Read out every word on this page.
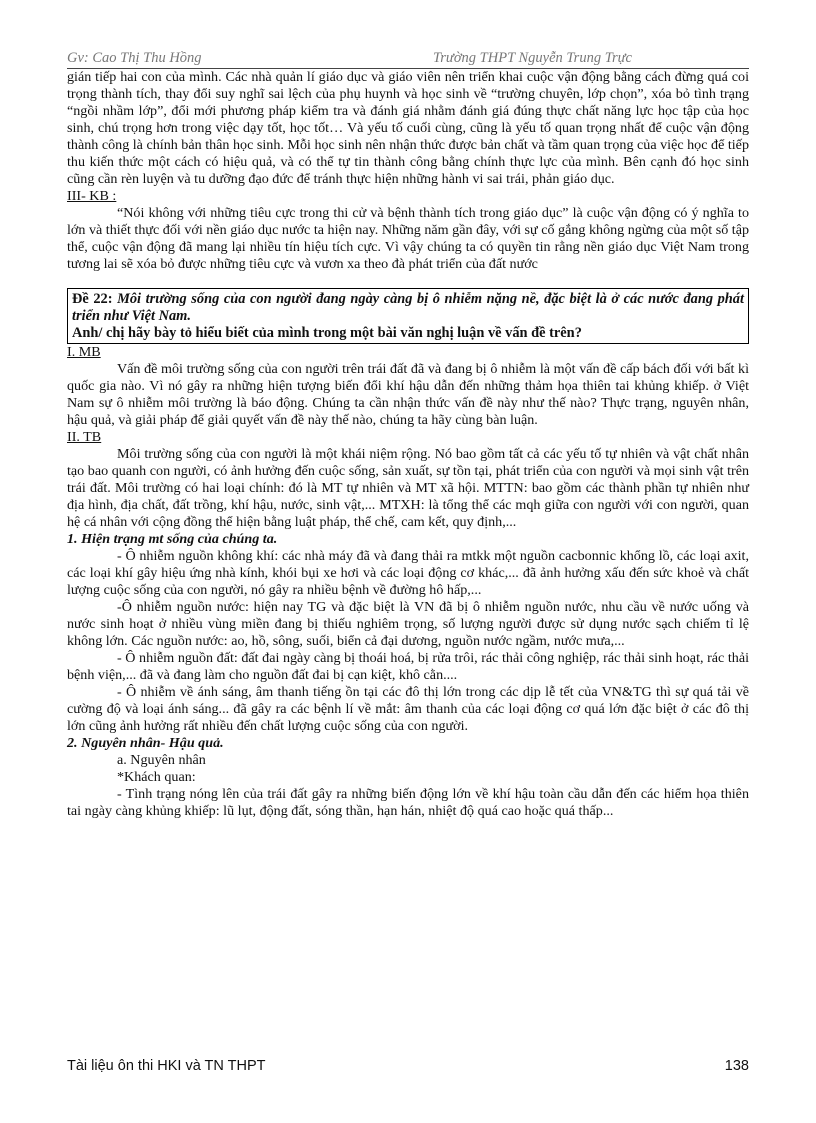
Gv: Cao Thị Thu Hồng	Trường THPT Nguyễn Trung Trực

gián tiếp hai con của mình. Các nhà quản lí giáo dục và giáo viên nên triển khai cuộc vận động bằng cách đừng quá coi trọng thành tích, thay đổi suy nghĩ sai lệch của phụ huynh và học sinh về “trường chuyên, lớp chọn”, xóa bỏ tình trạng “ngồi nhầm lớp”, đổi mới phương pháp kiểm tra và đánh giá nhằm đánh giá đúng thực chất năng lực học tập của học sinh, chú trọng hơn trong việc dạy tốt, học tốt… Và yếu tố cuối cùng, cũng là yếu tố quan trọng nhất để cuộc vận động thành công là chính bản thân học sinh. Mỗi học sinh nên nhận thức được bản chất và tầm quan trọng của việc học để tiếp thu kiến thức một cách có hiệu quả, và có thể tự tin thành công bằng chính thực lực của mình. Bên cạnh đó học sinh cũng cần rèn luyện và tu dưỡng đạo đức để tránh thực hiện những hành vi sai trái, phản giáo dục.

III- KB :

“Nói không với những tiêu cực trong thi cử và bệnh thành tích trong giáo dục” là cuộc vận động có ý nghĩa to lớn và thiết thực đối với nền giáo dục nước ta hiện nay. Những năm gần đây, với sự cố gắng không ngừng của một số tập thể, cuộc vận động đã mang lại nhiều tín hiệu tích cực. Vì vậy chúng ta có quyền tin rằng nền giáo dục Việt Nam trong tương lai sẽ xóa bỏ được những tiêu cực và vươn xa theo đà phát triển của đất nước

Đề 22: Môi trường sống của con người đang ngày càng bị ô nhiễm nặng nề, đặc biệt là ở các nước đang phát triển như Việt Nam.
Anh/ chị hãy bày tỏ hiểu biết của mình trong một bài văn nghị luận về vấn đề trên?

I. MB

Vấn đề môi trường sống của con người trên trái đất đã và đang bị ô nhiễm là một vấn đề cấp bách đối với bất kì quốc gia nào. Vì nó gây ra những hiện tượng biến đổi khí hậu dẫn đến những thảm họa thiên tai khủng khiếp. ở Việt Nam sự ô nhiễm môi trường là báo động. Chúng ta cần nhận thức vấn đề này như thế nào? Thực trạng, nguyên nhân, hậu quả, và giải pháp để giải quyết vấn đề này thế nào, chúng ta hãy cùng bàn luận.

II. TB

Môi trường sống của con người là một khái niệm rộng. Nó bao gồm tất cả các yếu tố tự nhiên và vật chất nhân tạo bao quanh con người, có ảnh hưởng đến cuộc sống, sản xuất, sự tồn tại, phát triển của con người và mọi sinh vật trên trái đất. Môi trường có hai loại chính: đó là MT tự nhiên và MT xã hội. MTTN: bao gồm các thành phần tự nhiên như địa hình, địa chất, đất trồng, khí hậu, nước, sinh vật,... MTXH: là tổng thể các mqh giữa con người với con người, quan hệ cá nhân với cộng đồng thể hiện bằng luật pháp, thể chế, cam kết, quy định,...

1. Hiện trạng mt sống của chúng ta.

- Ô nhiễm nguồn không khí: các nhà máy đã và đang thải ra mtkk một nguồn cacbonnic khổng lồ, các loại axit, các loại khí gây hiệu ứng nhà kính, khói bụi xe hơi và các loại động cơ khác,... đã ảnh hưởng xấu đến sức khoẻ và chất lượng cuộc sống của con người, nó gây ra nhiều bệnh về đường hô hấp,...

-Ô nhiễm nguồn nước: hiện nay TG và đặc biệt là VN đã bị ô nhiễm nguồn nước, nhu cầu về nước uống và nước sinh hoạt ở nhiều vùng miền đang bị thiếu nghiêm trọng, số lượng người được sử dụng nước sạch chiếm tỉ lệ không lớn. Các nguồn nước: ao, hồ, sông, suối, biển cả đại dương, nguồn nước ngầm, nước mưa,...

- Ô nhiễm nguồn đất: đất đai ngày càng bị thoái hoá, bị rửa trôi, rác thải công nghiệp, rác thải sinh hoạt, rác thải bệnh viện,... đã và đang làm cho nguồn đất đai bị cạn kiệt, khô cằn....

- Ô nhiễm về ánh sáng, âm thanh tiếng ồn tại các đô thị lớn trong các dịp lễ tết của VN&TG thì sự quá tải về cường độ và loại ánh sáng... đã gây ra các bệnh lí về mắt: âm thanh của các loại động cơ quá lớn đặc biệt ở các đô thị lớn cũng ảnh hưởng rất nhiều đến chất lượng cuộc sống của con người.

2. Nguyên nhân- Hậu quả.

a. Nguyên nhân

*Khách quan:

- Tình trạng nóng lên của trái đất gây ra những biến động lớn về khí hậu toàn cầu dẫn đến các hiểm họa thiên tai ngày càng khủng khiếp: lũ lụt, động đất, sóng thần, hạn hán, nhiệt độ quá cao hoặc quá thấp...

Tài liệu ôn thi HKI và TN THPT	138
